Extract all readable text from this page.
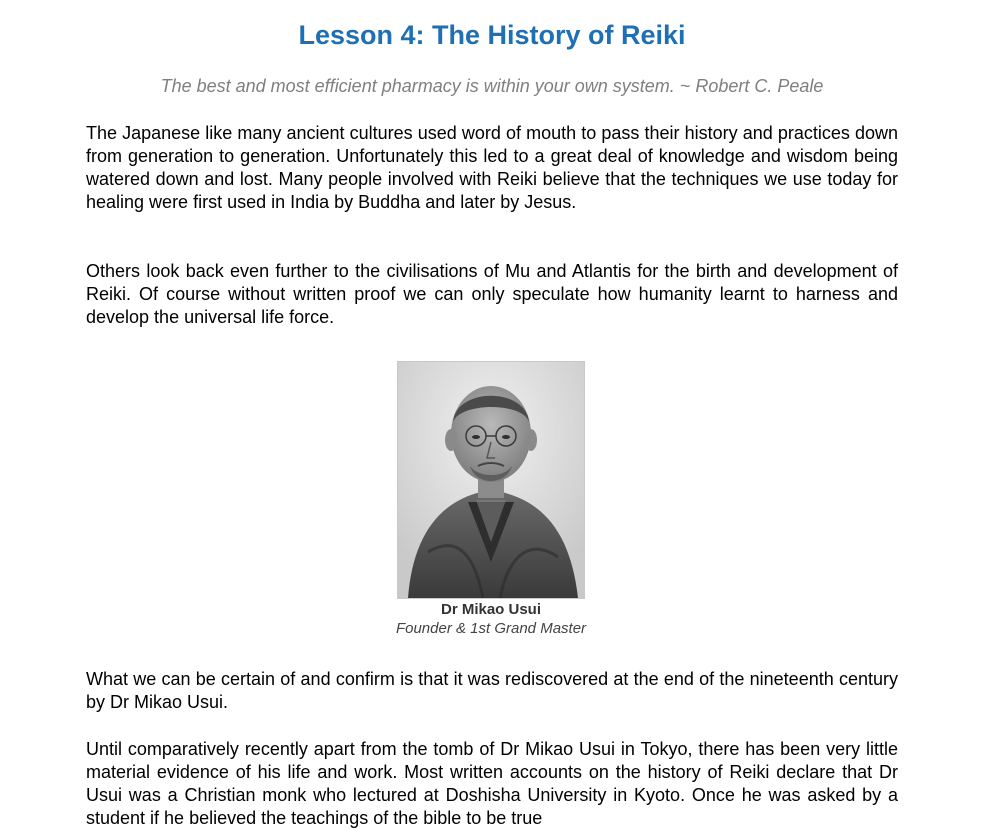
Lesson 4: The History of Reiki
The best and most efficient pharmacy is within your own system. ~ Robert C. Peale

The Japanese like many ancient cultures used word of mouth to pass their history and practices down from generation to generation. Unfortunately this led to a great deal of knowledge and wisdom being watered down and lost. Many people involved with Reiki believe that the techniques we use today for healing were first used in India by Buddha and later by Jesus.

Others look back even further to the civilisations of Mu and Atlantis for the birth and development of Reiki. Of course without written proof we can only speculate how humanity learnt to harness and develop the universal life force.

Dr Mikao Usui
Founder & 1st Grand Master

What we can be certain of and confirm is that it was rediscovered at the end of the nineteenth century by Dr Mikao Usui.

Until comparatively recently apart from the tomb of Dr Mikao Usui in Tokyo, there has been very little material evidence of his life and work. Most written accounts on the history of Reiki declare that Dr Usui was a Christian monk who lectured at Doshisha University in Kyoto. Once he was asked by a student if he believed the teachings of the bible to be true
